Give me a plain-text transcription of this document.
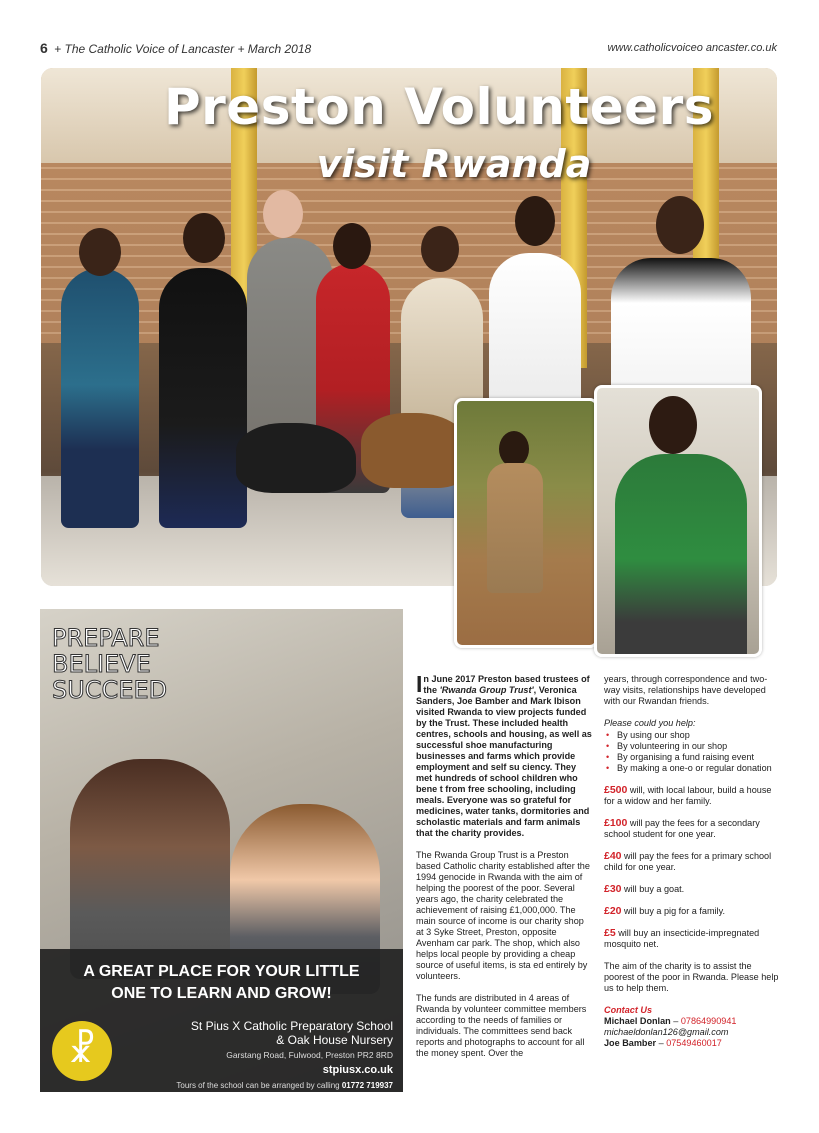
6 + The Catholic Voice of Lancaster + March 2018	www.catholicvoiceo ancaster.co.uk
Preston Volunteers
visit Rwanda
PREPARE
BELIEVE
SUCCEED
A GREAT PLACE FOR YOUR LITTLE
ONE TO LEARN AND GROW!
☧
St Pius X Catholic Preparatory School
& Oak House Nursery
Garstang Road, Fulwood, Preston PR2 8RD
stpiusx.co.uk
Tours of the school can be arranged by calling 01772 719937

In June 2017 Preston based trustees of the 'Rwanda Group Trust', Veronica Sanders, Joe Bamber and Mark Ibison visited Rwanda to view projects funded by the Trust. These included health centres, schools and housing, as well as successful shoe manufacturing businesses and farms which provide employment and self su ciency. They met hundreds of school children who bene t from free schooling, including meals. Everyone was so grateful for medicines, water tanks, dormitories and scholastic materials and farm animals that the charity provides.

The Rwanda Group Trust is a Preston based Catholic charity established after the 1994 genocide in Rwanda with the aim of helping the poorest of the poor. Several years ago, the charity celebrated the achievement of raising £1,000,000. The main source of income is our charity shop at 3 Syke Street, Preston, opposite Avenham car park. The shop, which also helps local people by providing a cheap source of useful items, is sta ed entirely by volunteers.

The funds are distributed in 4 areas of Rwanda by volunteer committee members according to the needs of families or individuals. The committees send back reports and photographs to account for all the money spent. Over the

years, through correspondence and two-way visits, relationships have developed with our Rwandan friends.

Please could you help:
• By using our shop
• By volunteering in our shop
• By organising a fund raising event
• By making a one-o or regular donation
£500 will, with local labour, build a house for a widow and her family.
£100 will pay the fees for a secondary school student for one year.
£40 will pay the fees for a primary school child for one year.
£30 will buy a goat.
£20 will buy a pig for a family.
£5 will buy an insecticide-impregnated mosquito net.

The aim of the charity is to assist the poorest of the poor in Rwanda. Please help us to help them.

Contact Us
Michael Donlan – 07864990941
michaeldonlan126@gmail.com
Joe Bamber – 07549460017
